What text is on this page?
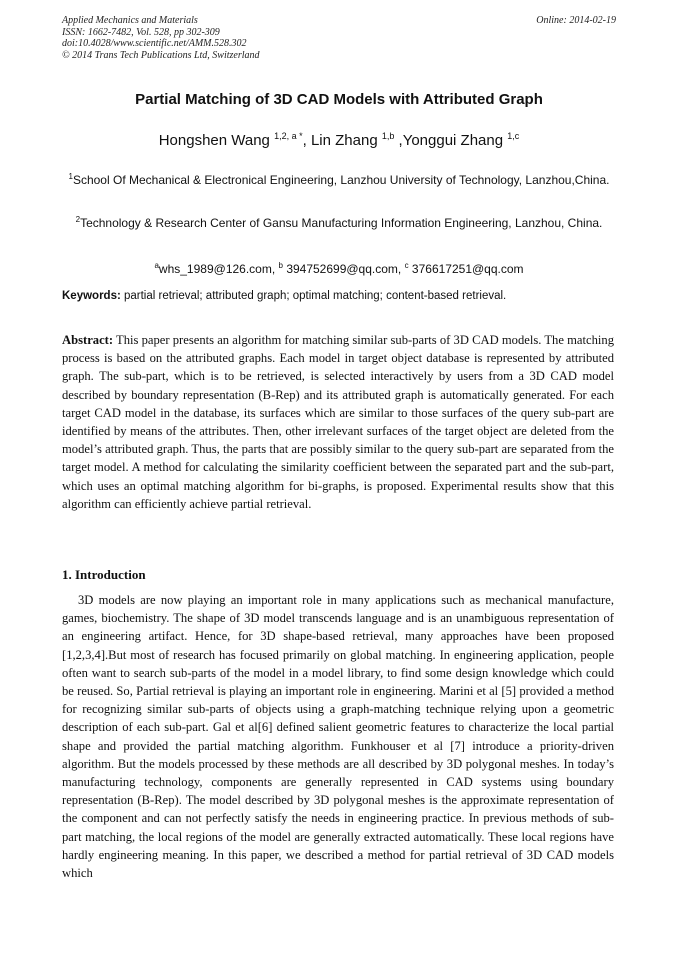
Applied Mechanics and Materials
ISSN: 1662-7482, Vol. 528, pp 302-309
doi:10.4028/www.scientific.net/AMM.528.302
© 2014 Trans Tech Publications Ltd, Switzerland
Online: 2014-02-19
Partial Matching of 3D CAD Models with Attributed Graph
Hongshen Wang $^{1,2, a *}$, Lin Zhang $^{1,b}$ ,Yonggui Zhang $^{1,c}$
$^1$School Of Mechanical & Electronical Engineering, Lanzhou University of Technology, Lanzhou,China.
$^2$Technology & Research Center of Gansu Manufacturing Information Engineering, Lanzhou, China.
$^a$whs_1989@126.com, $^b$ 394752699@qq.com, $^c$ 376617251@qq.com
Keywords: partial retrieval; attributed graph; optimal matching; content-based retrieval.
Abstract: This paper presents an algorithm for matching similar sub-parts of 3D CAD models. The matching process is based on the attributed graphs. Each model in target object database is represented by attributed graph. The sub-part, which is to be retrieved, is selected interactively by users from a 3D CAD model described by boundary representation (B-Rep) and its attributed graph is automatically generated. For each target CAD model in the database, its surfaces which are similar to those surfaces of the query sub-part are identified by means of the attributes. Then, other irrelevant surfaces of the target object are deleted from the model’s attributed graph. Thus, the parts that are possibly similar to the query sub-part are separated from the target model. A method for calculating the similarity coefficient between the separated part and the sub-part, which uses an optimal matching algorithm for bi-graphs, is proposed. Experimental results show that this algorithm can efficiently achieve partial retrieval.
1. Introduction
3D models are now playing an important role in many applications such as mechanical manufacture, games, biochemistry. The shape of 3D model transcends language and is an unambiguous representation of an engineering artifact. Hence, for 3D shape-based retrieval, many approaches have been proposed [1,2,3,4].But most of research has focused primarily on global matching. In engineering application, people often want to search sub-parts of the model in a model library, to find some design knowledge which could be reused. So, Partial retrieval is playing an important role in engineering. Marini et al [5] provided a method for recognizing similar sub-parts of objects using a graph-matching technique relying upon a geometric description of each sub-part. Gal et al[6] defined salient geometric features to characterize the local partial shape and provided the partial matching algorithm. Funkhouser et al [7] introduce a priority-driven algorithm. But the models processed by these methods are all described by 3D polygonal meshes. In today’s manufacturing technology, components are generally represented in CAD systems using boundary representation (B-Rep). The model described by 3D polygonal meshes is the approximate representation of the component and can not perfectly satisfy the needs in engineering practice. In previous methods of sub-part matching, the local regions of the model are generally extracted automatically. These local regions have hardly engineering meaning. In this paper, we described a method for partial retrieval of 3D CAD models which
